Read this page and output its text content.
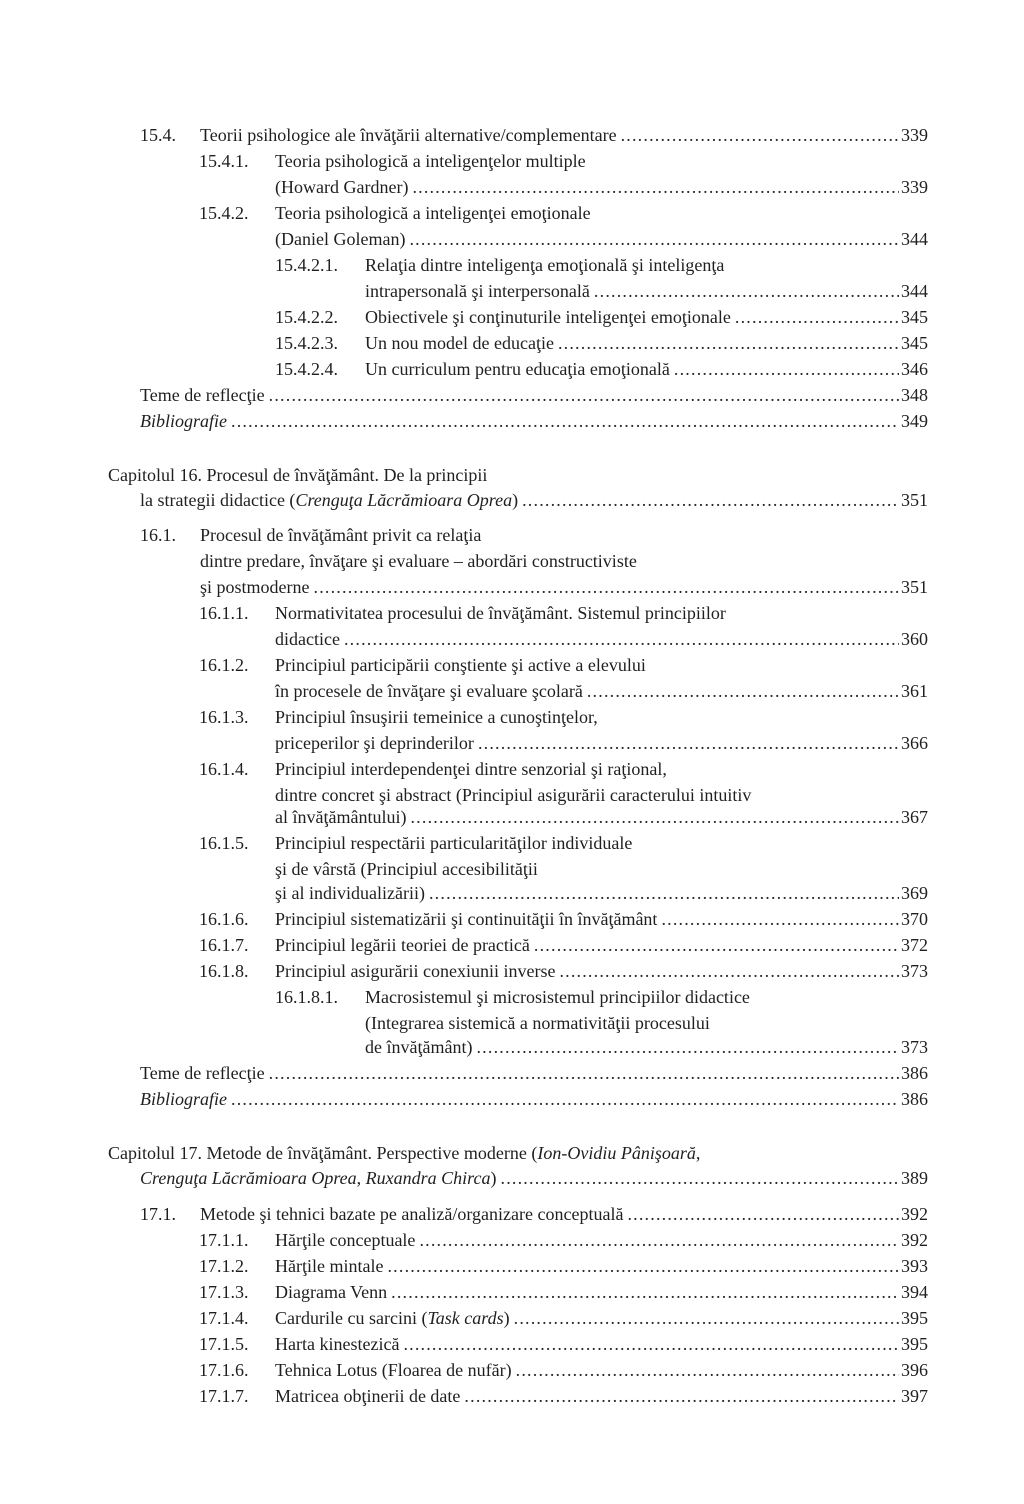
15.4. Teorii psihologice ale învăţării alternative/complementare .....	339
15.4.1. Teoria psihologică a inteligenţelor multiple
(Howard Gardner) .....	339
15.4.2. Teoria psihologică a inteligenţei emoţionale
(Daniel Goleman) .....	344
15.4.2.1. Relaţia dintre inteligenţa emoţională şi inteligenţa
intrapersonală şi interpersonală .....	344
15.4.2.2. Obiectivele şi conţinuturile inteligenţei emoţionale .....	345
15.4.2.3. Un nou model de educaţie .....	345
15.4.2.4. Un curriculum pentru educaţia emoţională .....	346
Teme de reflecţie .....	348
Bibliografie .....	349
Capitolul 16. Procesul de învăţământ. De la principii
la strategii didactice (Crenguţa Lăcrămioara Oprea) .....	351
16.1. Procesul de învăţământ privit ca relaţia
dintre predare, învăţare şi evaluare – abordări constructiviste
şi postmoderne .....	351
16.1.1. Normativitatea procesului de învăţământ. Sistemul principiilor
didactice .....	360
16.1.2. Principiul participării conştiente şi active a elevului
în procesele de învăţare şi evaluare şcolară .....	361
16.1.3. Principiul însuşirii temeinice a cunoştinţelor,
priceperilor şi deprinderilor .....	366
16.1.4. Principiul interdependenţei dintre senzorial şi raţional,
dintre concret şi abstract (Principiul asigurării caracterului intuitiv
al învăţământului) .....	367
16.1.5. Principiul respectării particularităţilor individuale
şi de vârstă (Principiul accesibilităţii
şi al individualizării) .....	369
16.1.6. Principiul sistematizării şi continuităţii în învăţământ .....	370
16.1.7. Principiul legării teoriei de practică .....	372
16.1.8. Principiul asigurării conexiunii inverse .....	373
16.1.8.1. Macrosistemul şi microsistemul principiilor didactice
(Integrarea sistemică a normativităţii procesului
de învăţământ) .....	373
Teme de reflecţie .....	386
Bibliografie .....	386
Capitolul 17. Metode de învăţământ. Perspective moderne (Ion-Ovidiu Pânişoară,
Crenguţa Lăcrămioara Oprea, Ruxandra Chirca) .....	389
17.1. Metode şi tehnici bazate pe analiză/organizare conceptuală .....	392
17.1.1. Hărţile conceptuale .....	392
17.1.2. Hărţile mintale .....	393
17.1.3. Diagrama Venn .....	394
17.1.4. Cardurile cu sarcini (Task cards) .....	395
17.1.5. Harta kinestezică .....	395
17.1.6. Tehnica Lotus (Floarea de nufăr) .....	396
17.1.7. Matricea obţinerii de date .....	397
